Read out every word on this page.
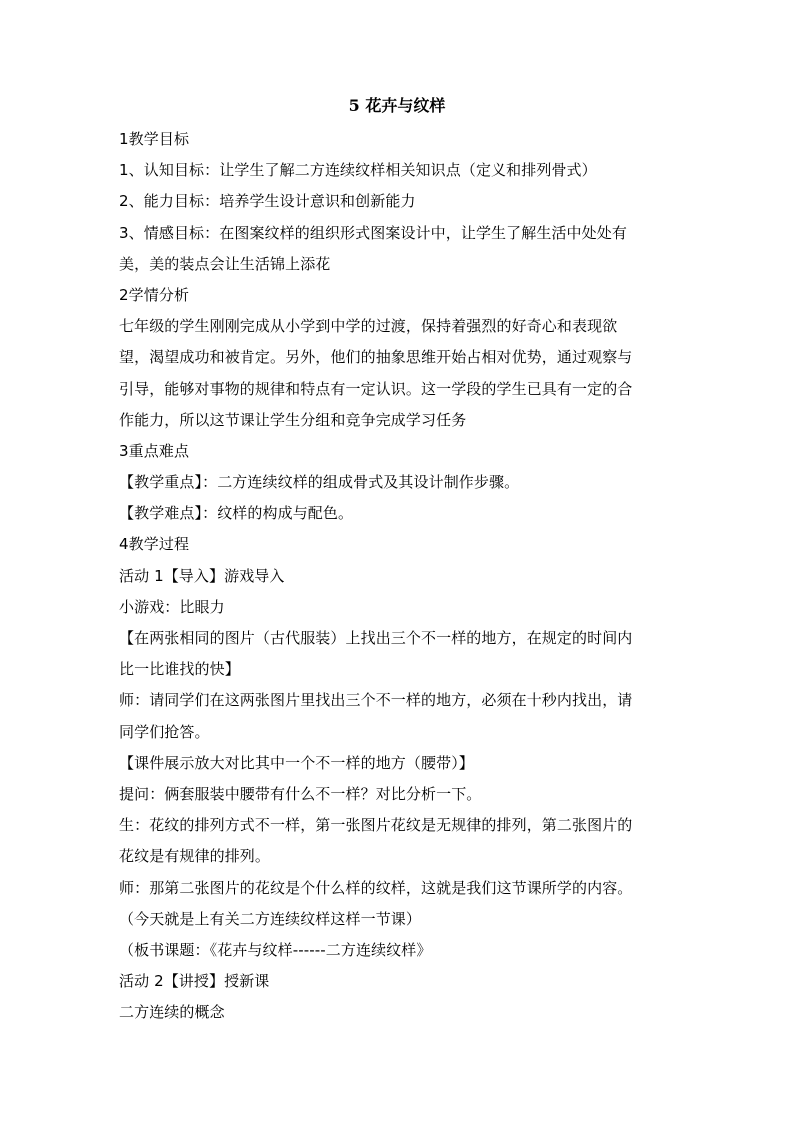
5 花卉与纹样
1教学目标
1、认知目标：让学生了解二方连续纹样相关知识点（定义和排列骨式）
2、能力目标：培养学生设计意识和创新能力
3、情感目标：在图案纹样的组织形式图案设计中，让学生了解生活中处处有
美，美的装点会让生活锦上添花
2学情分析
七年级的学生刚刚完成从小学到中学的过渡，保持着强烈的好奇心和表现欲
望，渴望成功和被肯定。另外，他们的抽象思维开始占相对优势，通过观察与
引导，能够对事物的规律和特点有一定认识。这一学段的学生已具有一定的合
作能力，所以这节课让学生分组和竞争完成学习任务
3重点难点
【教学重点】：二方连续纹样的组成骨式及其设计制作步骤。
【教学难点】：纹样的构成与配色。
4教学过程
活动 1【导入】游戏导入
小游戏：比眼力
【在两张相同的图片（古代服装）上找出三个不一样的地方，在规定的时间内
比一比谁找的快】
师：请同学们在这两张图片里找出三个不一样的地方，必须在十秒内找出，请
同学们抢答。
【课件展示放大对比其中一个不一样的地方（腰带）】
提问：俩套服装中腰带有什么不一样？对比分析一下。
生：花纹的排列方式不一样，第一张图片花纹是无规律的排列，第二张图片的
花纹是有规律的排列。
师：那第二张图片的花纹是个什么样的纹样，这就是我们这节课所学的内容。
（今天就是上有关二方连续纹样这样一节课）
（板书课题：《花卉与纹样------二方连续纹样》
活动 2【讲授】授新课
二方连续的概念
